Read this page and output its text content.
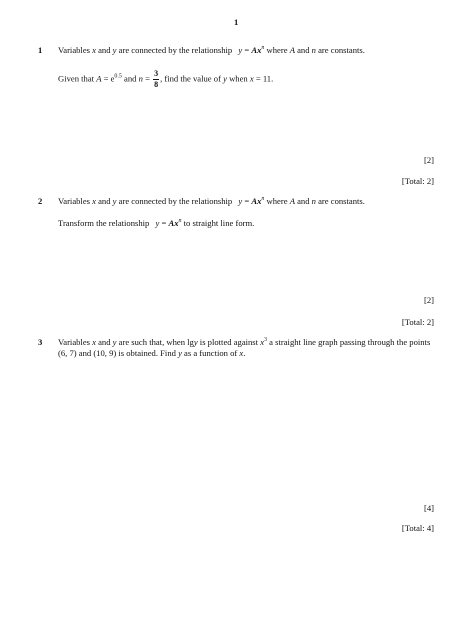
1
1 Variables x and y are connected by the relationship $y = Ax^n$ where A and n are constants.
Given that $A = e^{0.5}$ and $n = \frac{3}{8}$ , find the value of y when x = 11.
[2]
[Total: 2]
2 Variables x and y are connected by the relationship $y = Ax^n$ where A and n are constants.
Transform the relationship $y = Ax^n$ to straight line form.
[2]
[Total: 2]
3 Variables x and y are such that, when lgy is plotted against $x^3$ a straight line graph passing through the points
(6, 7) and (10, 9) is obtained. Find y as a function of x.
[4]
[Total: 4]
